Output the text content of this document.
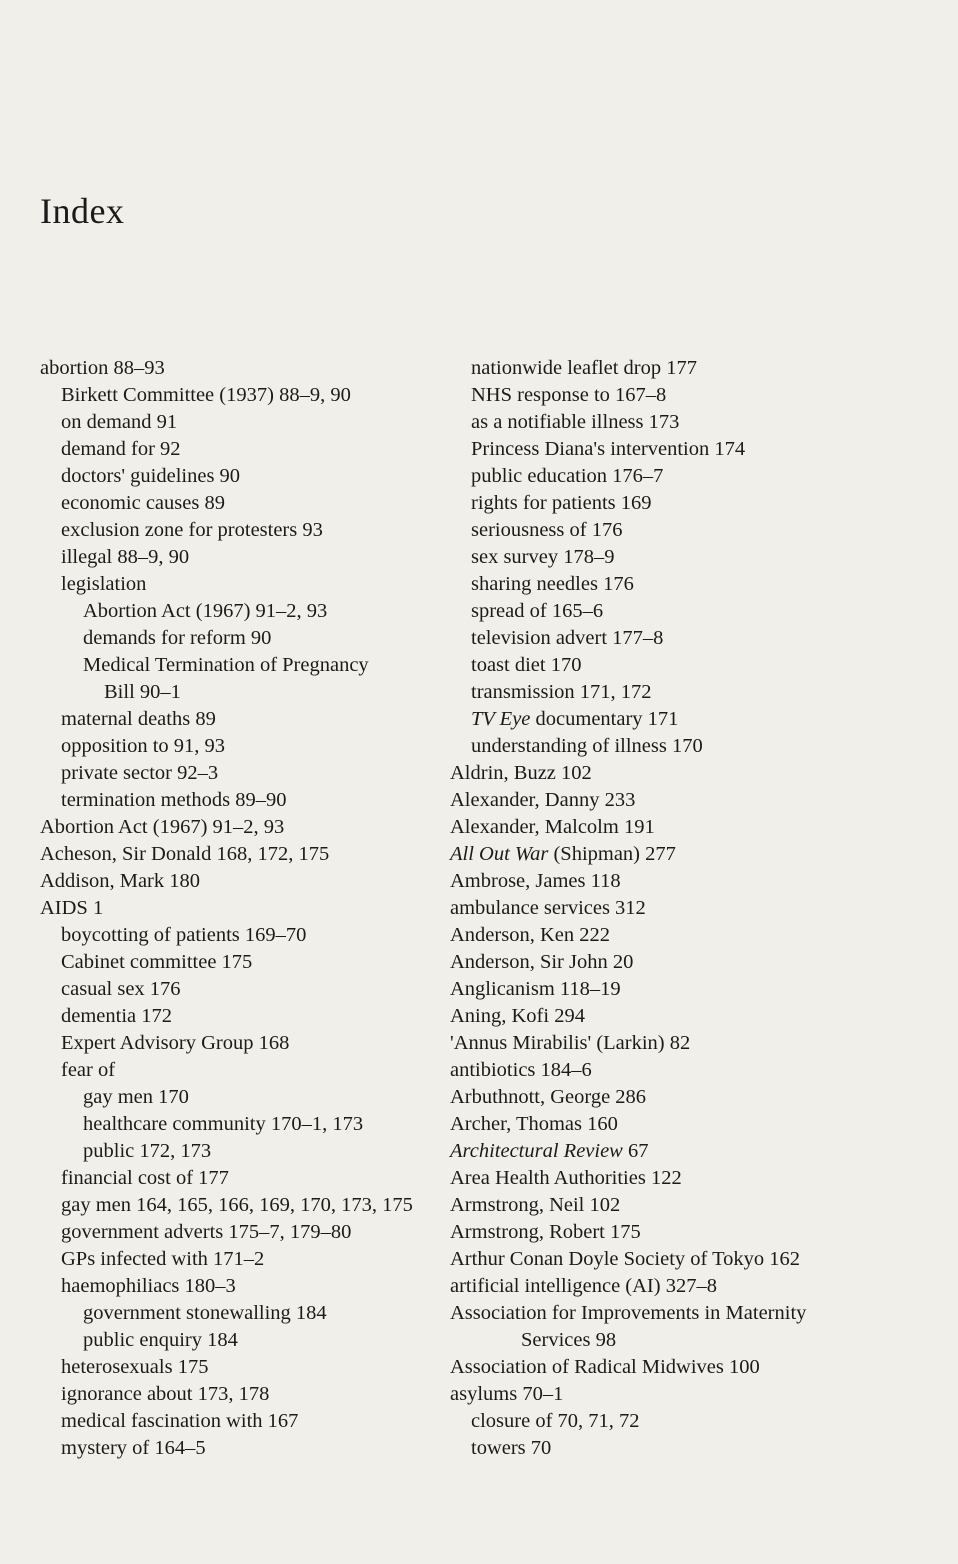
Index
abortion 88–93
Birkett Committee (1937) 88–9, 90
on demand 91
demand for 92
doctors' guidelines 90
economic causes 89
exclusion zone for protesters 93
illegal 88–9, 90
legislation
Abortion Act (1967) 91–2, 93
demands for reform 90
Medical Termination of Pregnancy
Bill 90–1
maternal deaths 89
opposition to 91, 93
private sector 92–3
termination methods 89–90
Abortion Act (1967) 91–2, 93
Acheson, Sir Donald 168, 172, 175
Addison, Mark 180
AIDS 1
boycotting of patients 169–70
Cabinet committee 175
casual sex 176
dementia 172
Expert Advisory Group 168
fear of
gay men 170
healthcare community 170–1, 173
public 172, 173
financial cost of 177
gay men 164, 165, 166, 169, 170, 173, 175
government adverts 175–7, 179–80
GPs infected with 171–2
haemophiliacs 180–3
government stonewalling 184
public enquiry 184
heterosexuals 175
ignorance about 173, 178
medical fascination with 167
mystery of 164–5
nationwide leaflet drop 177
NHS response to 167–8
as a notifiable illness 173
Princess Diana's intervention 174
public education 176–7
rights for patients 169
seriousness of 176
sex survey 178–9
sharing needles 176
spread of 165–6
television advert 177–8
toast diet 170
transmission 171, 172
TV Eye documentary 171
understanding of illness 170
Aldrin, Buzz 102
Alexander, Danny 233
Alexander, Malcolm 191
All Out War (Shipman) 277
Ambrose, James 118
ambulance services 312
Anderson, Ken 222
Anderson, Sir John 20
Anglicanism 118–19
Aning, Kofi 294
'Annus Mirabilis' (Larkin) 82
antibiotics 184–6
Arbuthnott, George 286
Archer, Thomas 160
Architectural Review 67
Area Health Authorities 122
Armstrong, Neil 102
Armstrong, Robert 175
Arthur Conan Doyle Society of Tokyo 162
artificial intelligence (AI) 327–8
Association for Improvements in Maternity
Services 98
Association of Radical Midwives 100
asylums 70–1
closure of 70, 71, 72
towers 70
